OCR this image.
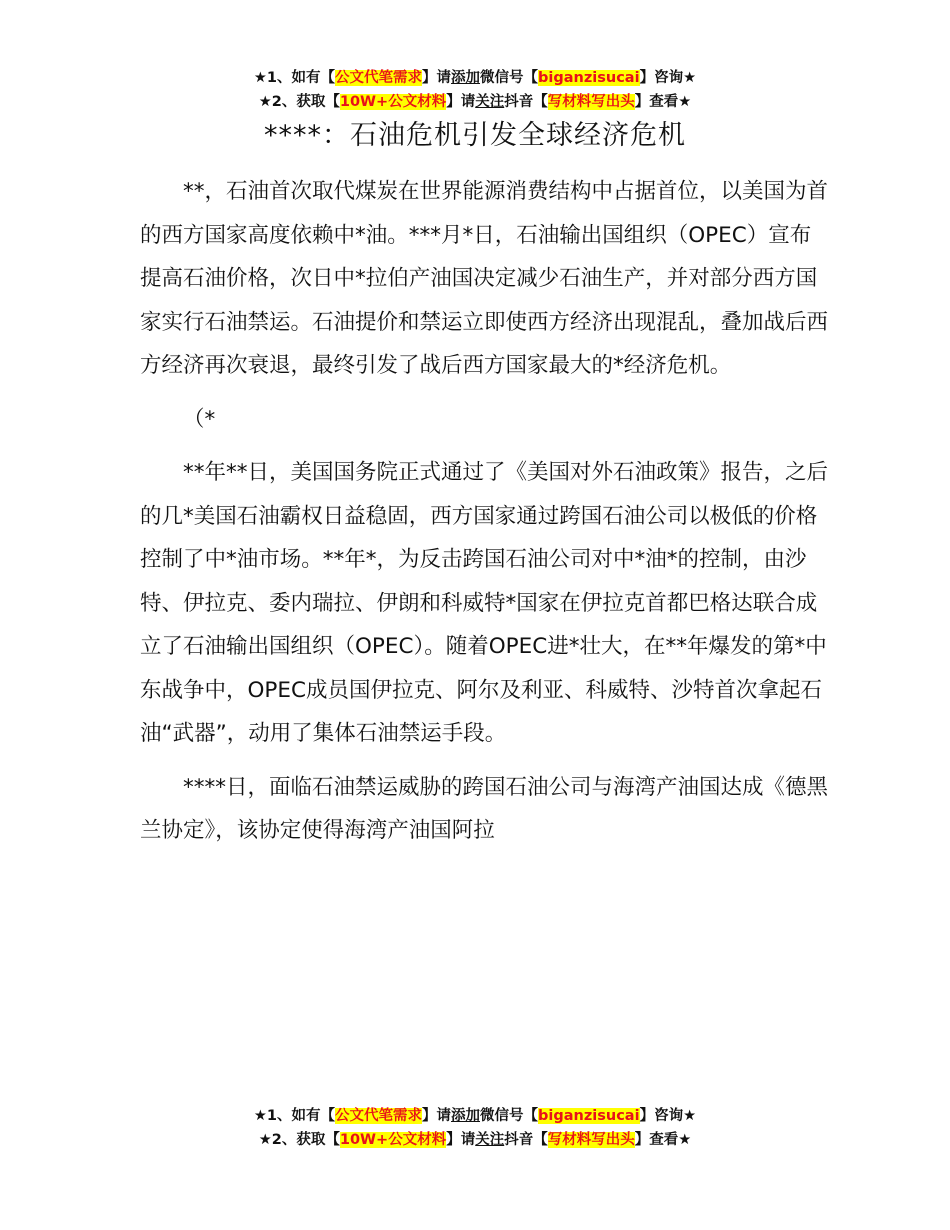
★1、如有【公文代笔需求】请添加微信号【biganzisucai】咨询★
★2、获取【10W+公文材料】请关注抖音【写材料写出头】查看★
****：石油危机引发全球经济危机

**，石油首次取代煤炭在世界能源消费结构中占据首位，以美国为首的西方国家高度依赖中*油。***月*日，石油输出国组织（OPEC）宣布提高石油价格，次日中*拉伯产油国决定减少石油生产，并对部分西方国家实行石油禁运。石油提价和禁运立即使西方经济出现混乱，叠加战后西方经济再次衰退，最终引发了战后西方国家最大的*经济危机。

（*

**年**日，美国国务院正式通过了《美国对外石油政策》报告，之后的几*美国石油霸权日益稳固，西方国家通过跨国石油公司以极低的价格控制了中*油市场。**年*，为反击跨国石油公司对中*油*的控制，由沙特、伊拉克、委内瑞拉、伊朗和科威特*国家在伊拉克首都巴格达联合成立了石油输出国组织（OPEC）。随着OPEC进*壮大，在**年爆发的第*中东战争中，OPEC成员国伊拉克、阿尔及利亚、科威特、沙特首次拿起石油“武器”，动用了集体石油禁运手段。

****日，面临石油禁运威胁的跨国石油公司与海湾产油国达成《德黑兰协定》，该协定使得海湾产油国阿拉

★1、如有【公文代笔需求】请添加微信号【biganzisucai】咨询★
★2、获取【10W+公文材料】请关注抖音【写材料写出头】查看★
